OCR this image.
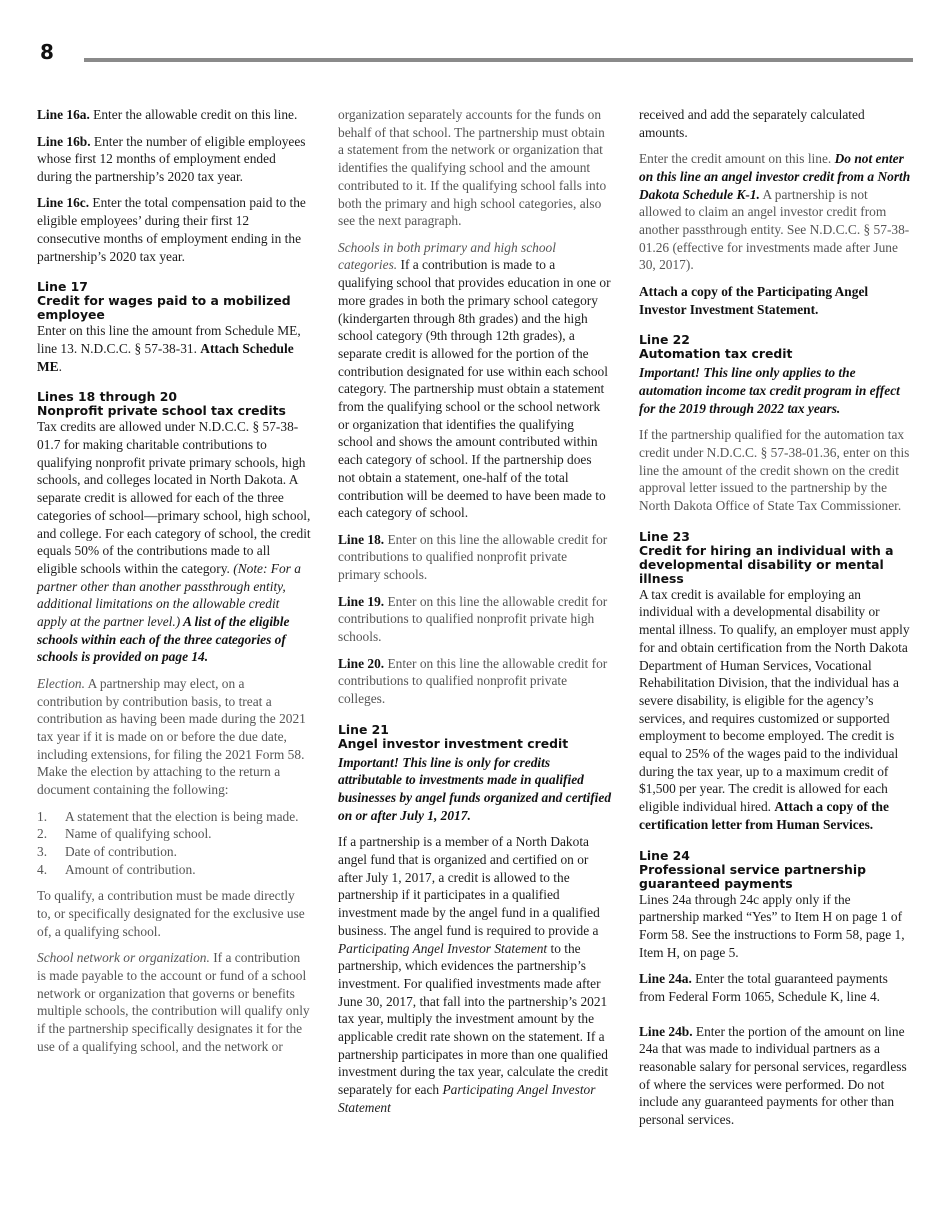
8

Line 16a. Enter the allowable credit on this line.

Line 16b. Enter the number of eligible employees whose first 12 months of employment ended during the partnership’s 2020 tax year.

Line 16c. Enter the total compensation paid to the eligible employees’ during their first 12 consecutive months of employment ending in the partnership’s 2020 tax year.

Line 17
Credit for wages paid to a mobilized employee

Enter on this line the amount from Schedule ME, line 13. N.D.C.C. § 57-38-31. Attach Schedule ME.

Lines 18 through 20
Nonprofit private school tax credits

Tax credits are allowed under N.D.C.C. § 57-38-01.7 for making charitable contributions to qualifying nonprofit private primary schools, high schools, and colleges located in North Dakota. A separate credit is allowed for each of the three categories of school—primary school, high school, and college. For each category of school, the credit equals 50% of the contributions made to all eligible schools within the category. (Note: For a partner other than another passthrough entity, additional limitations on the allowable credit apply at the partner level.) A list of the eligible schools within each of the three categories of schools is provided on page 14.

Election. A partnership may elect, on a contribution by contribution basis, to treat a contribution as having been made during the 2021 tax year if it is made on or before the due date, including extensions, for filing the 2021 Form 58. Make the election by attaching to the return a document containing the following:

1. A statement that the election is being made.
2. Name of qualifying school.
3. Date of contribution.
4. Amount of contribution.

To qualify, a contribution must be made directly to, or specifically designated for the exclusive use of, a qualifying school.

School network or organization. If a contribution is made payable to the account or fund of a school network or organization that governs or benefits multiple schools, the contribution will qualify only if the partnership specifically designates it for the use of a qualifying school, and the network or

organization separately accounts for the funds on behalf of that school. The partnership must obtain a statement from the network or organization that identifies the qualifying school and the amount contributed to it. If the qualifying school falls into both the primary and high school categories, also see the next paragraph.

Schools in both primary and high school categories. If a contribution is made to a qualifying school that provides education in one or more grades in both the primary school category (kindergarten through 8th grades) and the high school category (9th through 12th grades), a separate credit is allowed for the portion of the contribution designated for use within each school category. The partnership must obtain a statement from the qualifying school or the school network or organization that identifies the qualifying school and shows the amount contributed within each category of school. If the partnership does not obtain a statement, one-half of the total contribution will be deemed to have been made to each category of school.

Line 18. Enter on this line the allowable credit for contributions to qualified nonprofit private primary schools.

Line 19. Enter on this line the allowable credit for contributions to qualified nonprofit private high schools.

Line 20. Enter on this line the allowable credit for contributions to qualified nonprofit private colleges.

Line 21
Angel investor investment credit

Important! This line is only for credits attributable to investments made in qualified businesses by angel funds organized and certified on or after July 1, 2017.

If a partnership is a member of a North Dakota angel fund that is organized and certified on or after July 1, 2017, a credit is allowed to the partnership if it participates in a qualified investment made by the angel fund in a qualified business. The angel fund is required to provide a Participating Angel Investor Statement to the partnership, which evidences the partnership’s investment. For qualified investments made after June 30, 2017, that fall into the partnership’s 2021 tax year, multiply the investment amount by the applicable credit rate shown on the statement. If a partnership participates in more than one qualified investment during the tax year, calculate the credit separately for each Participating Angel Investor Statement

received and add the separately calculated amounts.

Enter the credit amount on this line. Do not enter on this line an angel investor credit from a North Dakota Schedule K-1. A partnership is not allowed to claim an angel investor credit from another passthrough entity. See N.D.C.C. § 57-38-01.26 (effective for investments made after June 30, 2017).

Attach a copy of the Participating Angel Investor Investment Statement.

Line 22
Automation tax credit

Important! This line only applies to the automation income tax credit program in effect for the 2019 through 2022 tax years.

If the partnership qualified for the automation tax credit under N.D.C.C. § 57-38-01.36, enter on this line the amount of the credit shown on the credit approval letter issued to the partnership by the North Dakota Office of State Tax Commissioner.

Line 23
Credit for hiring an individual with a developmental disability or mental illness

A tax credit is available for employing an individual with a developmental disability or mental illness. To qualify, an employer must apply for and obtain certification from the North Dakota Department of Human Services, Vocational Rehabilitation Division, that the individual has a severe disability, is eligible for the agency’s services, and requires customized or supported employment to become employed. The credit is equal to 25% of the wages paid to the individual during the tax year, up to a maximum credit of $1,500 per year. The credit is allowed for each eligible individual hired. Attach a copy of the certification letter from Human Services.

Line 24
Professional service partnership guaranteed payments

Lines 24a through 24c apply only if the partnership marked “Yes” to Item H on page 1 of Form 58. See the instructions to Form 58, page 1, Item H, on page 5.

Line 24a. Enter the total guaranteed payments from Federal Form 1065, Schedule K, line 4.

Line 24b. Enter the portion of the amount on line 24a that was made to individual partners as a reasonable salary for personal services, regardless of where the services were performed. Do not include any guaranteed payments for other than personal services.
